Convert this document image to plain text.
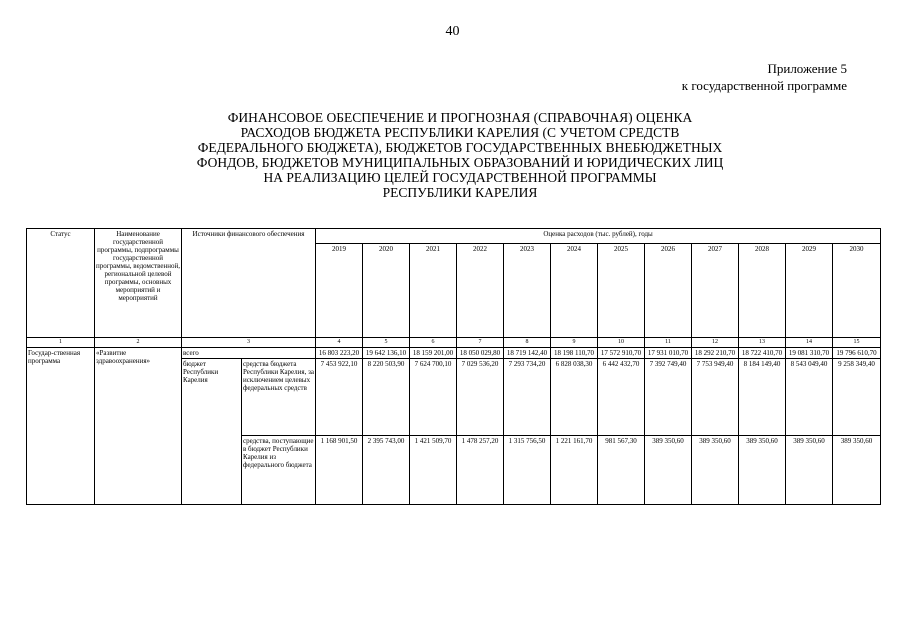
40
Приложение 5
к государственной программе
ФИНАНСОВОЕ ОБЕСПЕЧЕНИЕ И ПРОГНОЗНАЯ (СПРАВОЧНАЯ) ОЦЕНКА
РАСХОДОВ БЮДЖЕТА РЕСПУБЛИКИ КАРЕЛИЯ (С УЧЕТОМ СРЕДСТВ
ФЕДЕРАЛЬНОГО БЮДЖЕТА), БЮДЖЕТОВ ГОСУДАРСТВЕННЫХ ВНЕБЮДЖЕТНЫХ
ФОНДОВ, БЮДЖЕТОВ МУНИЦИПАЛЬНЫХ ОБРАЗОВАНИЙ И ЮРИДИЧЕСКИХ ЛИЦ
НА РЕАЛИЗАЦИЮ ЦЕЛЕЙ ГОСУДАРСТВЕННОЙ ПРОГРАММЫ
РЕСПУБЛИКИ КАРЕЛИЯ
Статус	Наименование государственной программы, подпрограммы государственной программы, ведомственной, региональной целевой программы, основных мероприятий и мероприятий	Источники финансового обеспечения		Оценка расходов (тыс. рублей), годы											
				2019	2020	2021	2022	2023	2024	2025	2026	2027	2028	2029	2030
1	2	3		4	5	6	7	8	9	10	11	12	13	14	15
Государ-ственная программа	«Развитие здравоохранения»	всего		16 803 223,20	19 642 136,10	18 159 201,00	18 050 029,80	18 719 142,40	18 198 110,70	17 572 910,70	17 931 010,70	18 292 210,70	18 722 410,70	19 081 310,70	19 796 610,70
		бюджет Республики Карелия	средства бюджета Республики Карелия, за исключением целевых федеральных средств	7 453 922,10	8 220 503,90	7 624 700,10	7 029 536,20	7 293 734,20	6 828 038,30	6 442 432,70	7 392 749,40	7 753 949,40	8 184 149,40	8 543 049,40	9 258 349,40
			средства, поступающие в бюджет Республики Карелия из федерального бюджета	1 168 901,50	2 395 743,00	1 421 509,70	1 478 257,20	1 315 756,50	1 221 161,70	981 567,30	389 350,60	389 350,60	389 350,60	389 350,60	389 350,60
